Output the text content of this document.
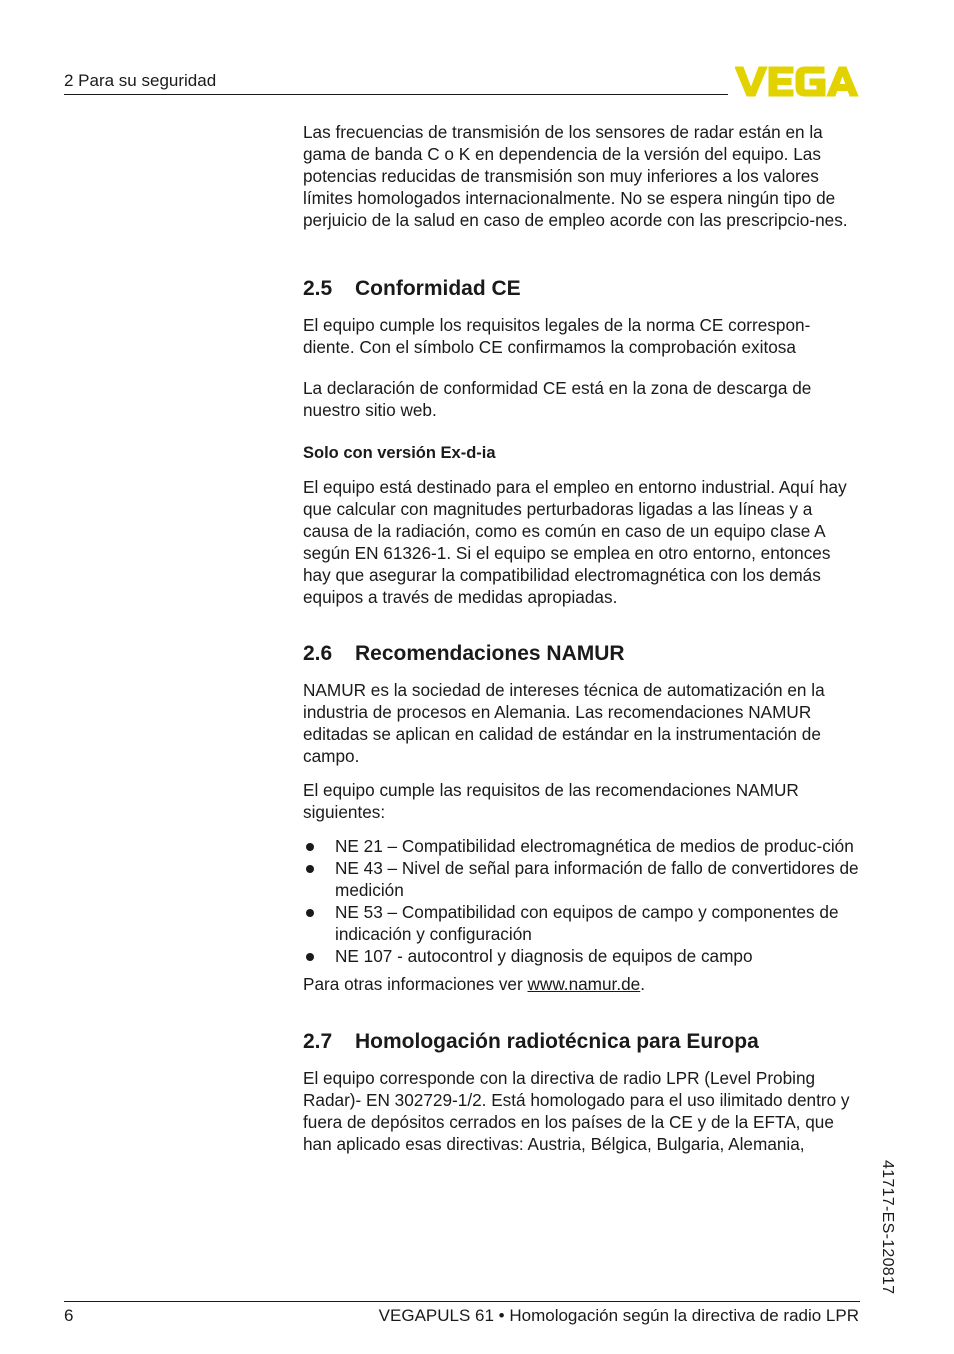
2 Para su seguridad

Las frecuencias de transmisión de los sensores de radar están en la gama de banda C o K en dependencia de la versión del equipo. Las potencias reducidas de transmisión son muy inferiores a los valores límites homologados internacionalmente. No se espera ningún tipo de perjuicio de la salud en caso de empleo acorde con las prescripcio-nes.

2.5 Conformidad CE

El equipo cumple los requisitos legales de la norma CE correspon-diente. Con el símbolo CE confirmamos la comprobación exitosa

La declaración de conformidad CE está en la zona de descarga de nuestro sitio web.

Solo con versión Ex-d-ia

El equipo está destinado para el empleo en entorno industrial. Aquí hay que calcular con magnitudes perturbadoras ligadas a las líneas y a causa de la radiación, como es común en caso de un equipo clase A según EN 61326-1. Si el equipo se emplea en otro entorno, entonces hay que asegurar la compatibilidad electromagnética con los demás equipos a través de medidas apropiadas.

2.6 Recomendaciones NAMUR

NAMUR es la sociedad de intereses técnica de automatización en la industria de procesos en Alemania. Las recomendaciones NAMUR editadas se aplican en calidad de estándar en la instrumentación de campo.

El equipo cumple las requisitos de las recomendaciones NAMUR siguientes:

NE 21 – Compatibilidad electromagnética de medios de produc-ción
NE 43 – Nivel de señal para información de fallo de convertidores de medición
NE 53 – Compatibilidad con equipos de campo y componentes de indicación y configuración
NE 107 - autocontrol y diagnosis de equipos de campo

Para otras informaciones ver www.namur.de.

2.7 Homologación radiotécnica para Europa

El equipo corresponde con la directiva de radio LPR (Level Probing Radar)- EN 302729-1/2. Está homologado para el uso ilimitado dentro y fuera de depósitos cerrados en los países de la CE y de la EFTA, que han aplicado esas directivas: Austria, Bélgica, Bulgaria, Alemania,

41717-ES-120817
6	VEGAPULS 61 • Homologación según la directiva de radio LPR
